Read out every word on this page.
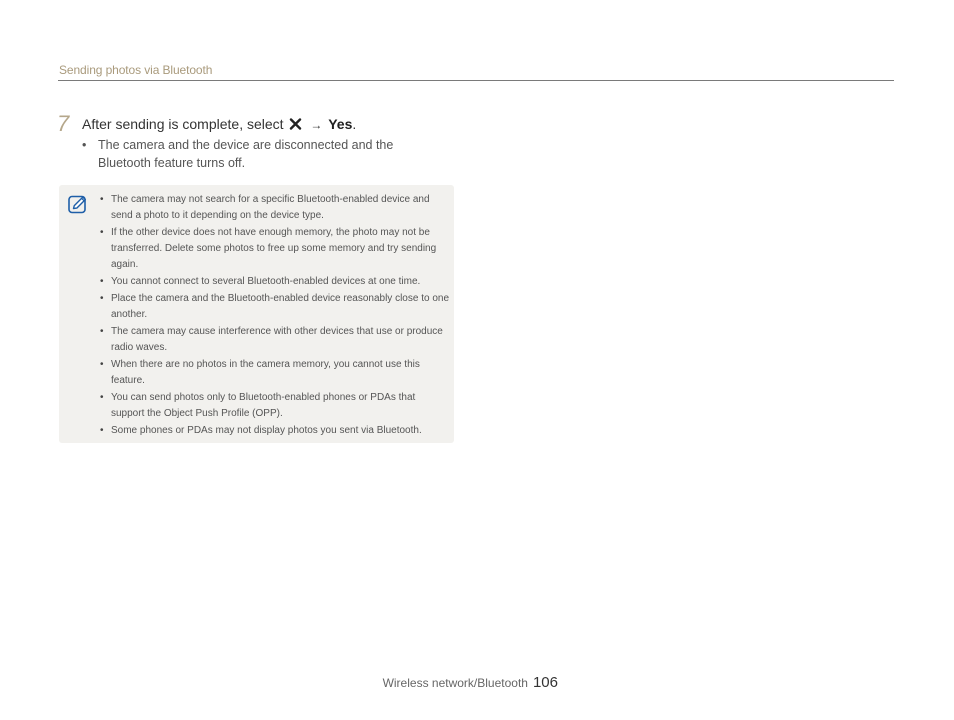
Sending photos via Bluetooth
7 After sending is complete, select → Yes.
• The camera and the device are disconnected and the Bluetooth feature turns off.
• The camera may not search for a specific Bluetooth-enabled device and send a photo to it depending on the device type.
• If the other device does not have enough memory, the photo may not be transferred. Delete some photos to free up some memory and try sending again.
• You cannot connect to several Bluetooth-enabled devices at one time.
• Place the camera and the Bluetooth-enabled device reasonably close to one another.
• The camera may cause interference with other devices that use or produce radio waves.
• When there are no photos in the camera memory, you cannot use this feature.
• You can send photos only to Bluetooth-enabled phones or PDAs that support the Object Push Profile (OPP).
• Some phones or PDAs may not display photos you sent via Bluetooth.
Wireless network/Bluetooth 106
